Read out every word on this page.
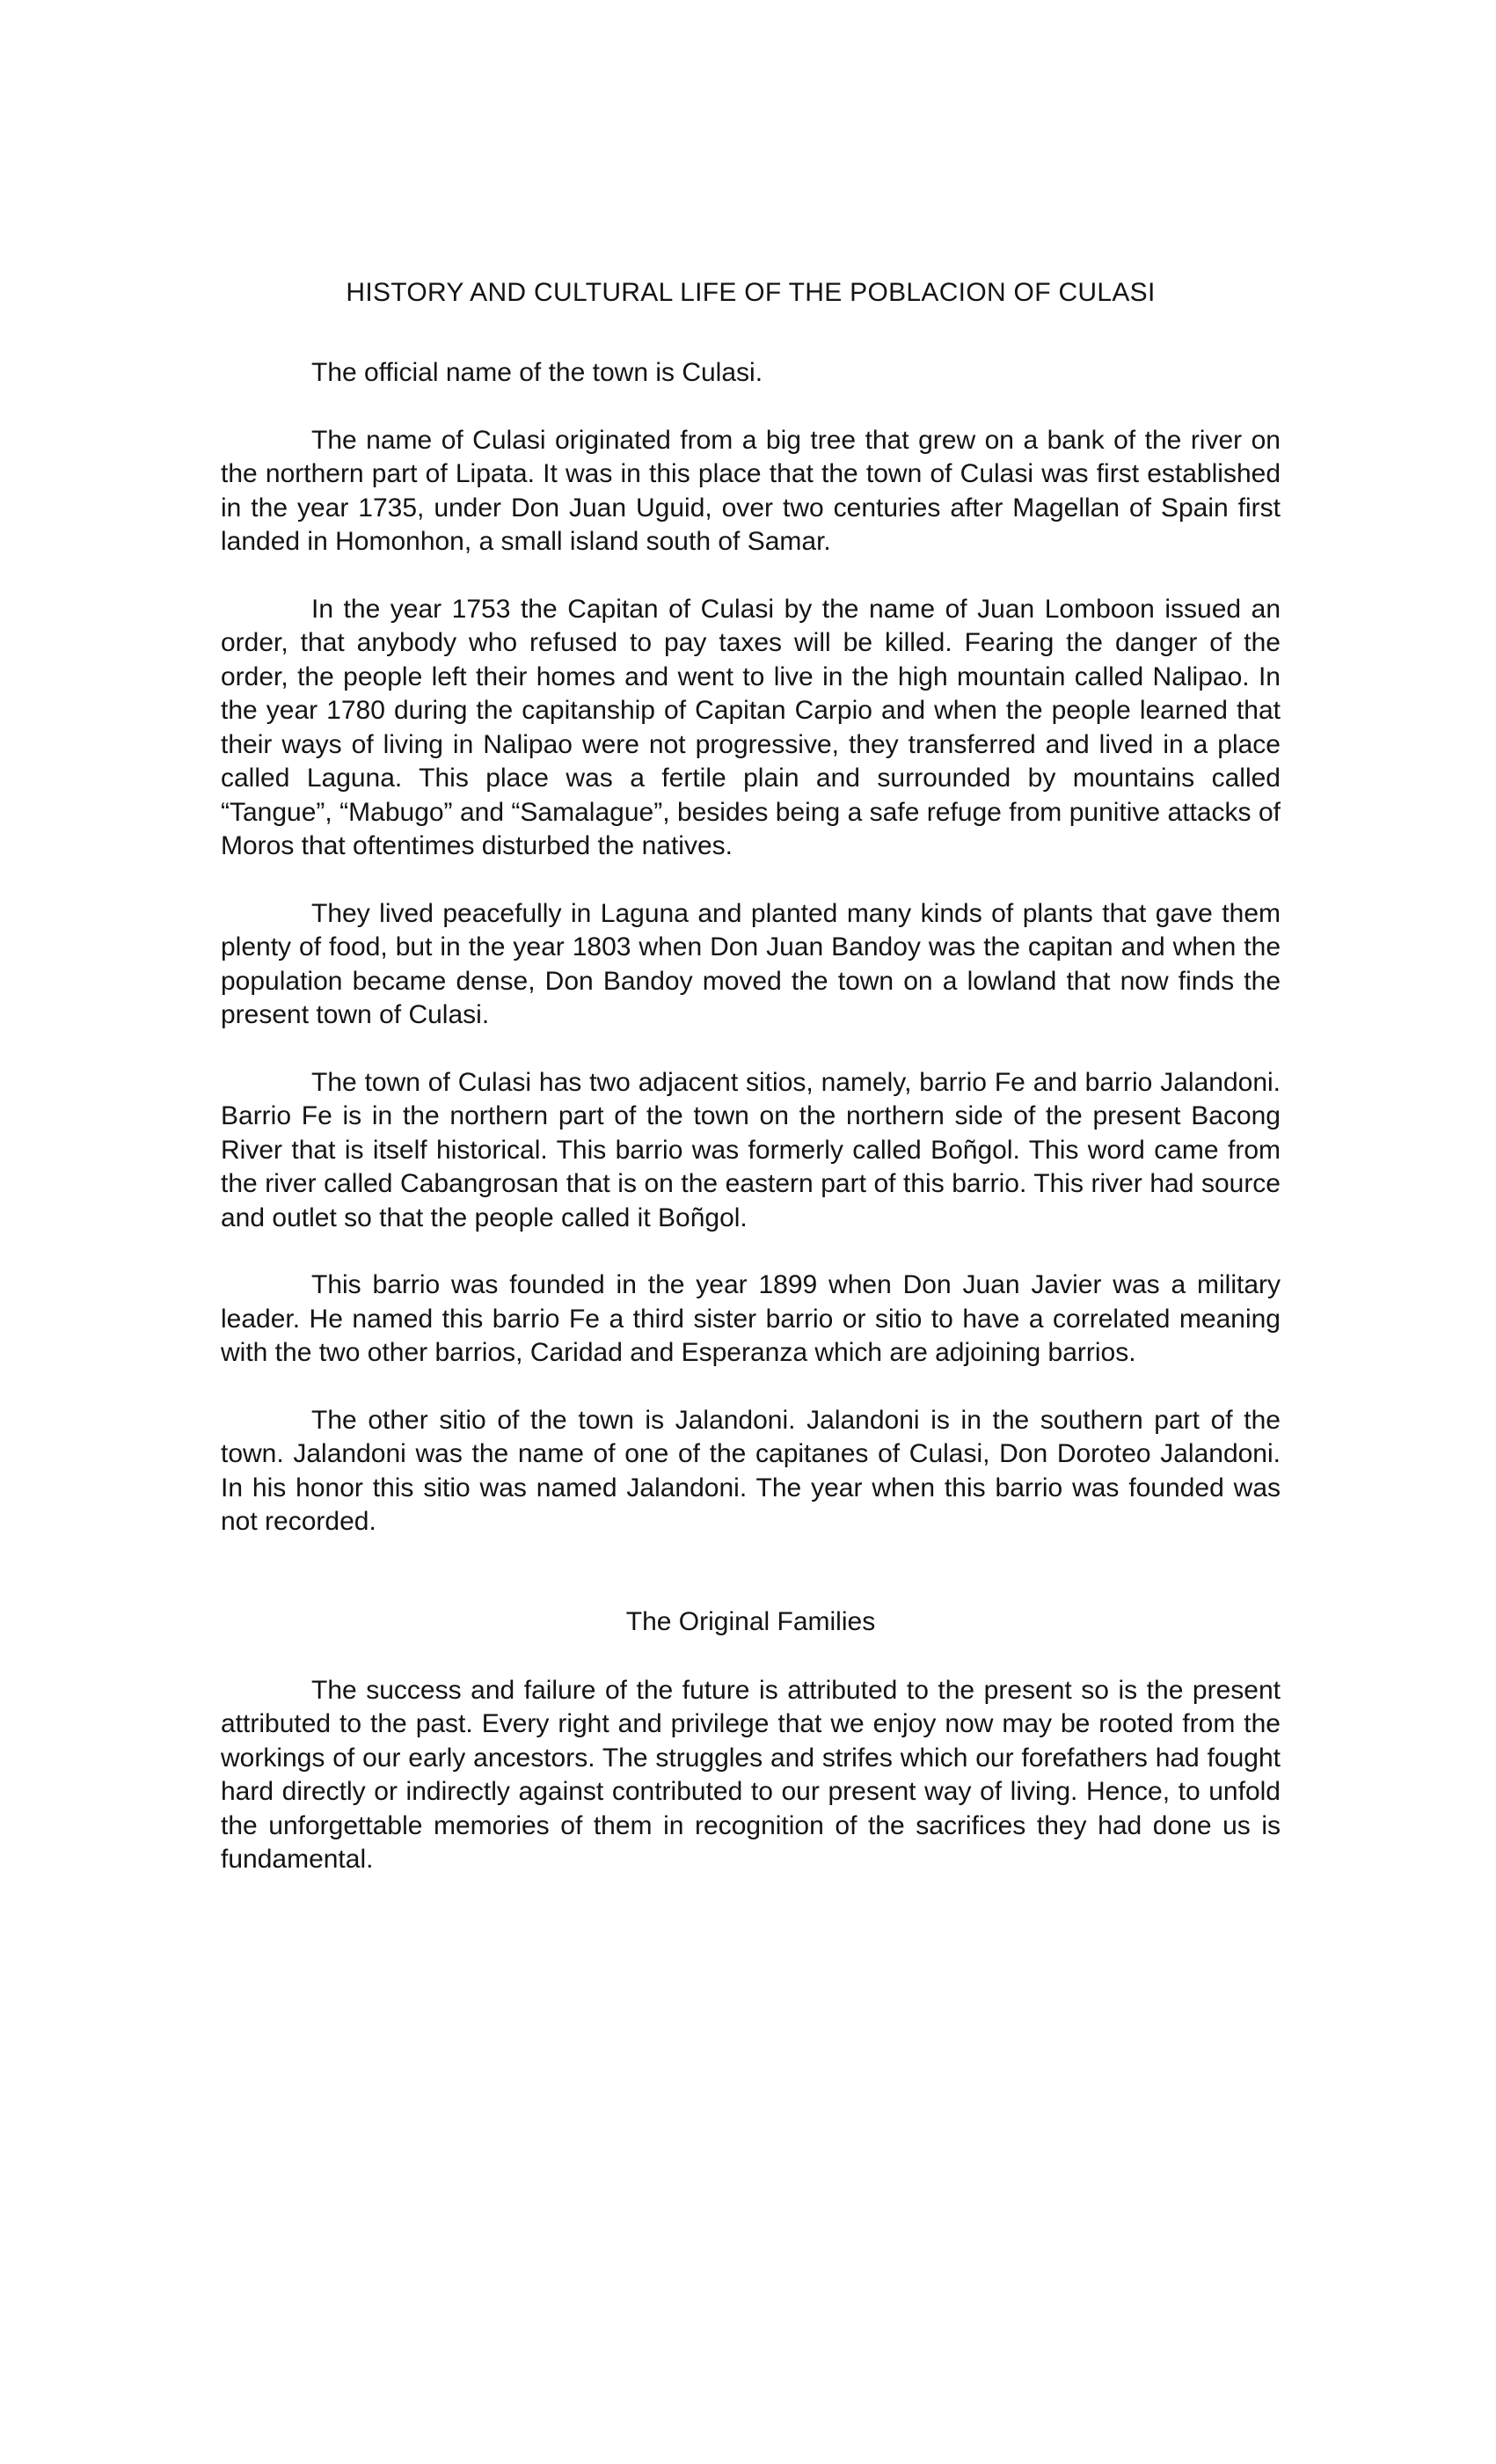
HISTORY AND CULTURAL LIFE OF THE POBLACION OF CULASI

The official name of the town is Culasi.

The name of Culasi originated from a big tree that grew on a bank of the river on the northern part of Lipata. It was in this place that the town of Culasi was first established in the year 1735, under Don Juan Uguid, over two centuries after Magellan of Spain first landed in Homonhon, a small island south of Samar.

In the year 1753 the Capitan of Culasi by the name of Juan Lomboon issued an order, that anybody who refused to pay taxes will be killed. Fearing the danger of the order, the people left their homes and went to live in the high mountain called Nalipao. In the year 1780 during the capitanship of Capitan Carpio and when the people learned that their ways of living in Nalipao were not progressive, they transferred and lived in a place called Laguna. This place was a fertile plain and surrounded by mountains called “Tangue”, “Mabugo” and “Samalague”, besides being a safe refuge from punitive attacks of Moros that oftentimes disturbed the natives.

They lived peacefully in Laguna and planted many kinds of plants that gave them plenty of food, but in the year 1803 when Don Juan Bandoy was the capitan and when the population became dense, Don Bandoy moved the town on a lowland that now finds the present town of Culasi.

The town of Culasi has two adjacent sitios, namely, barrio Fe and barrio Jalandoni. Barrio Fe is in the northern part of the town on the northern side of the present Bacong River that is itself historical. This barrio was formerly called Boñgol. This word came from the river called Cabangrosan that is on the eastern part of this barrio. This river had source and outlet so that the people called it Boñgol.

This barrio was founded in the year 1899 when Don Juan Javier was a military leader. He named this barrio Fe a third sister barrio or sitio to have a correlated meaning with the two other barrios, Caridad and Esperanza which are adjoining barrios.

The other sitio of the town is Jalandoni. Jalandoni is in the southern part of the town. Jalandoni was the name of one of the capitanes of Culasi, Don Doroteo Jalandoni. In his honor this sitio was named Jalandoni. The year when this barrio was founded was not recorded.

The Original Families

The success and failure of the future is attributed to the present so is the present attributed to the past. Every right and privilege that we enjoy now may be rooted from the workings of our early ancestors. The struggles and strifes which our forefathers had fought hard directly or indirectly against contributed to our present way of living. Hence, to unfold the unforgettable memories of them in recognition of the sacrifices they had done us is fundamental.
